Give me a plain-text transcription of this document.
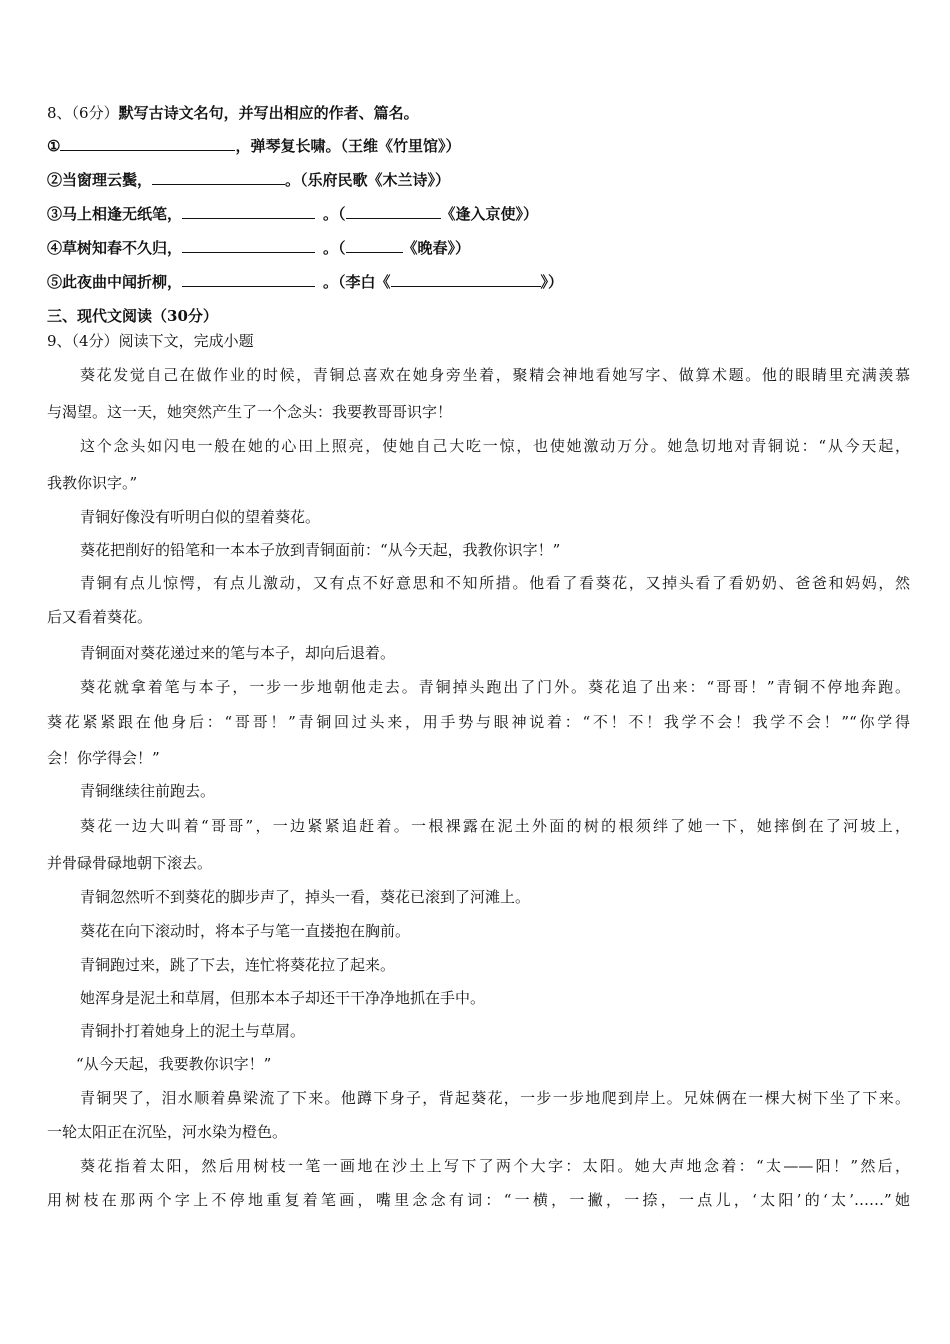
8、（6分）默写古诗文名句，并写出相应的作者、篇名。
①	，弹琴复长啸。（王维《竹里馆》）
②当窗理云鬓，	。（乐府民歌《木兰诗》）
③马上相逢无纸笔，	。（	《逢入京使》）
④草树知春不久归，	。（	《晚春》）
⑤此夜曲中闻折柳，	。（李白《	》）
三、现代文阅读（30分）
9、（4分）阅读下文，完成小题
葵花发觉自己在做作业的时候，青铜总喜欢在她身旁坐着，聚精会神地看她写字、做算术题。他的眼睛里充满羡慕
与渴望。这一天，她突然产生了一个念头：我要教哥哥识字！
这个念头如闪电一般在她的心田上照亮，使她自己大吃一惊，也使她激动万分。她急切地对青铜说：“从今天起，
我教你识字。”
青铜好像没有听明白似的望着葵花。
葵花把削好的铅笔和一本本子放到青铜面前：“从今天起，我教你识字！”
青铜有点儿惊愕，有点儿激动，又有点不好意思和不知所措。他看了看葵花，又掉头看了看奶奶、爸爸和妈妈，然
后又看着葵花。
青铜面对葵花递过来的笔与本子，却向后退着。
葵花就拿着笔与本子，一步一步地朝他走去。青铜掉头跑出了门外。葵花追了出来：“哥哥！”青铜不停地奔跑。
葵花紧紧跟在他身后：“哥哥！”青铜回过头来，用手势与眼神说着：“不！不！我学不会！我学不会！”“你学得
会！你学得会！”
青铜继续往前跑去。
葵花一边大叫着“哥哥”，一边紧紧追赶着。一根裸露在泥土外面的树的根须绊了她一下，她摔倒在了河坡上，
并骨碌骨碌地朝下滚去。
青铜忽然听不到葵花的脚步声了，掉头一看，葵花已滚到了河滩上。
葵花在向下滚动时，将本子与笔一直搂抱在胸前。
青铜跑过来，跳了下去，连忙将葵花拉了起来。
她浑身是泥土和草屑，但那本本子却还干干净净地抓在手中。
青铜扑打着她身上的泥土与草屑。
“从今天起，我要教你识字！”
青铜哭了，泪水顺着鼻梁流了下来。他蹲下身子，背起葵花，一步一步地爬到岸上。兄妹俩在一棵大树下坐了下来。
一轮太阳正在沉坠，河水染为橙色。
葵花指着太阳，然后用树枝一笔一画地在沙土上写下了两个大字：太阳。她大声地念着：“太——阳！”然后，
用树枝在那两个字上不停地重复着笔画，嘴里念念有词：“一横，一撇，一捺，一点儿，‘太阳’的‘太’……”她
